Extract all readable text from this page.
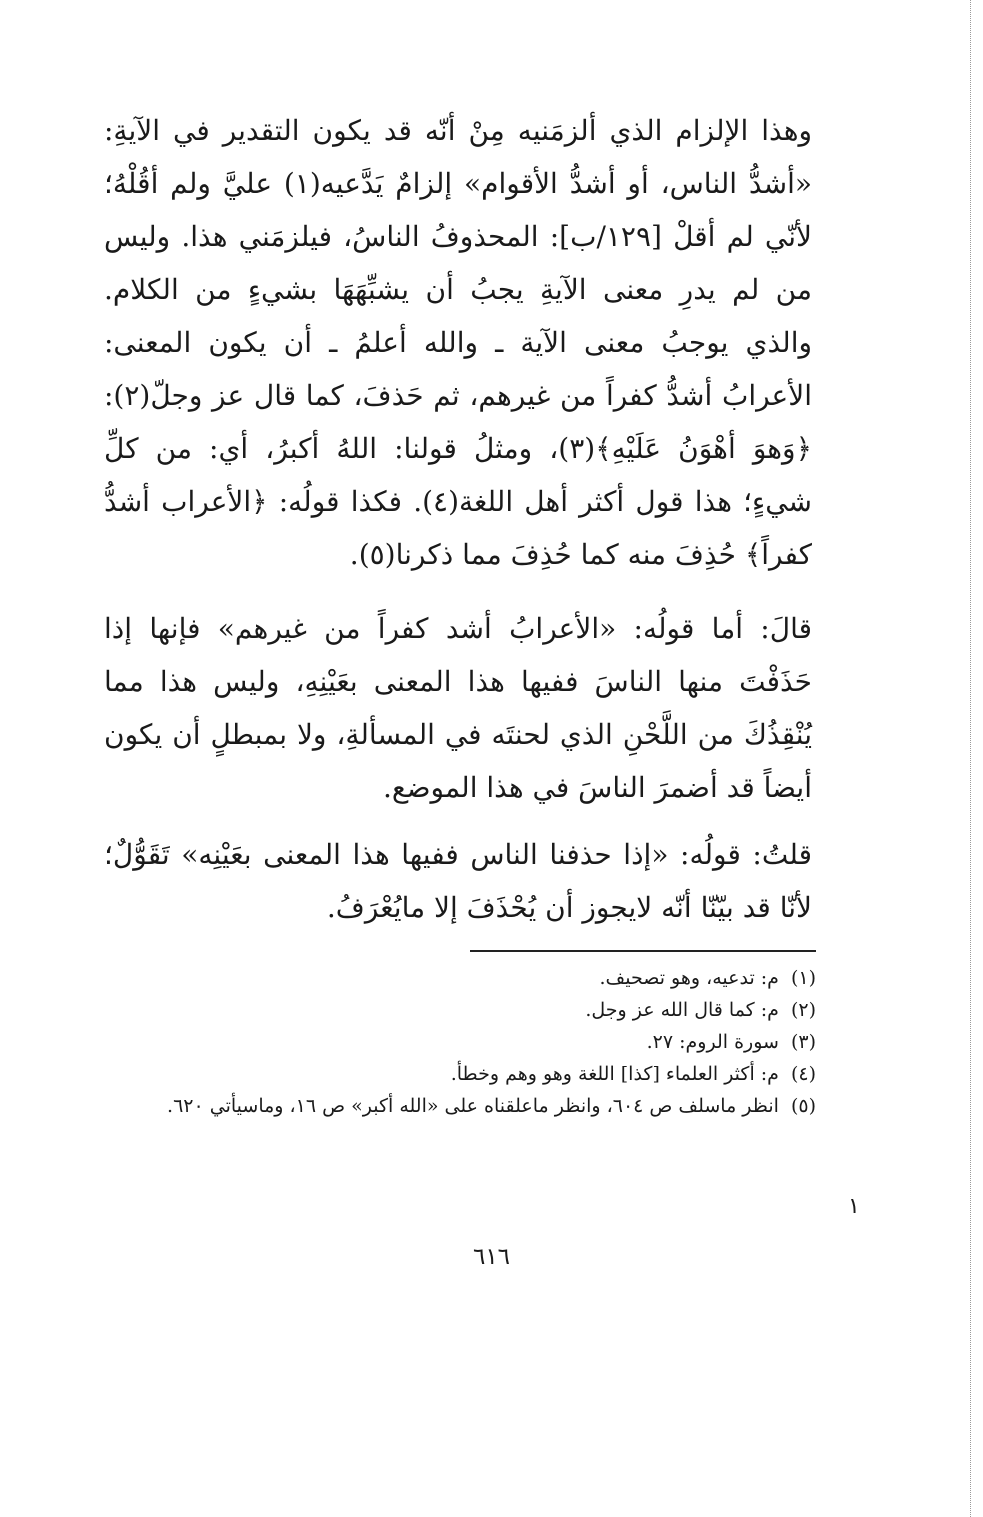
وهذا الإلزام الذي ألزمَنيه مِنْ أنّه قد يكون التقدير في الآيةِ: «أشدُّ الناس، أو أشدُّ الأقوام» إلزامٌ يَدَّعيه(١) عليَّ ولم أقُلْهُ؛ لأنّي لم أقلْ [١٢٩/ب]: المحذوفُ الناسُ، فيلزمَني هذا. وليس من لم يدرِ معنى الآيةِ يجبُ أن يشبِّهَهَا بشيءٍ من الكلام. والذي يوجبُ معنى الآية ـ والله أعلمُ ـ أن يكون المعنى: الأعرابُ أشدُّ كفراً من غيرهم، ثم حَذفَ، كما قال عز وجلّ(٢): ﴿وَهوَ أهْوَنُ عَلَيْهِ﴾(٣)، ومثلُ قولنا: اللهُ أكبرُ، أي: من كلِّ شيءٍ؛ هذا قول أكثر أهل اللغة(٤). فكذا قولُه: ﴿الأعراب أشدُّ كفراً﴾ حُذِفَ منه كما حُذِفَ مما ذكرنا(٥).

قالَ: أما قولُه: «الأعرابُ أشد كفراً من غيرهم» فإنها إذا حَذَفْتَ منها الناسَ ففيها هذا المعنى بعَيْنِهِ، وليس هذا مما يُنْقِذُكَ من اللَّحْنِ الذي لحنتَه في المسألةِ، ولا بمبطلٍ أن يكون أيضاً قد أضمرَ الناسَ في هذا الموضع.

قلتُ: قولُه: «إذا حذفنا الناس ففيها هذا المعنى بعَيْنِه» تَقَوُّلٌ؛ لأنّا قد بيّنّا أنّه لايجوز أن يُحْذَفَ إلا مايُعْرَفُ.

(١)
م: تدعيه، وهو تصحيف.
(٢)
م: كما قال الله عز وجل.
(٣)
سورة الروم: ٢٧.
(٤)
م: أكثر العلماء [كذا] اللغة وهو وهم وخطأ.
(٥)
انظر ماسلف ص ٦٠٤، وانظر ماعلقناه على «الله أكبر» ص ١٦، وماسيأتي ٦٢٠.
١
٦١٦
